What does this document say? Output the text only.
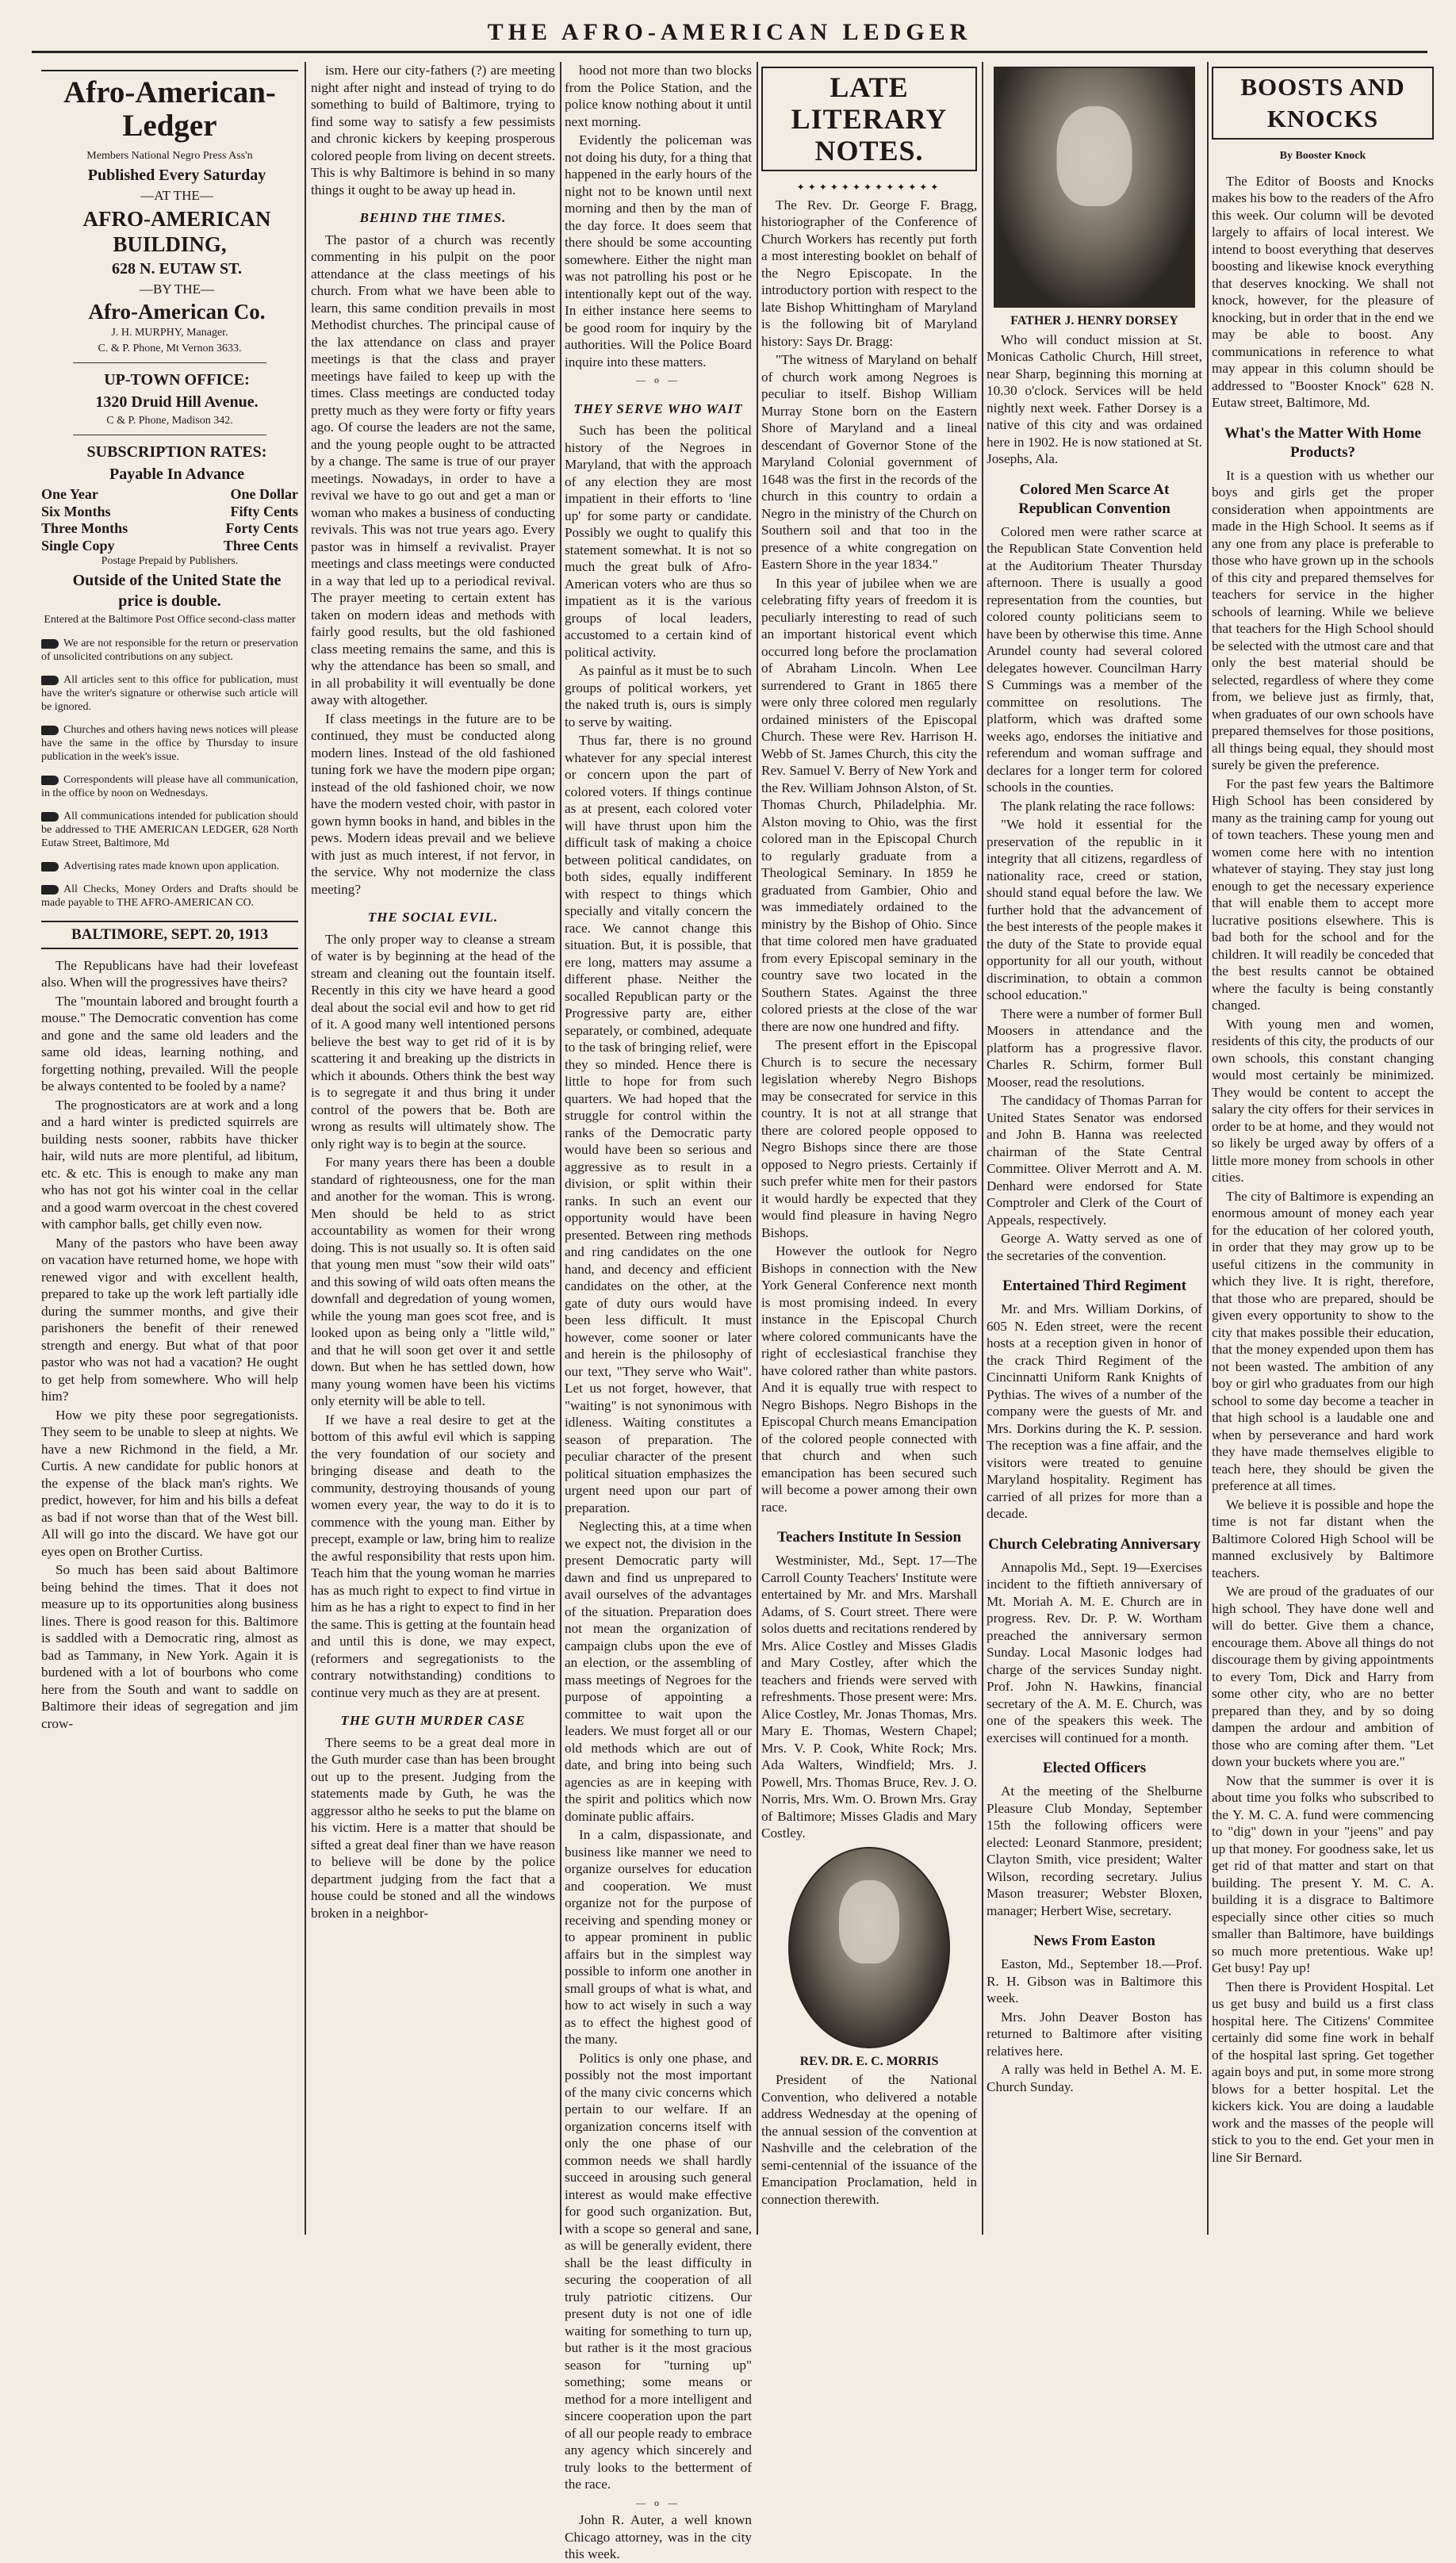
THE AFRO-AMERICAN LEDGER
Afro-American-Ledger

Members National Negro Press Ass'n

Published Every Saturday

—AT THE—

AFRO-AMERICAN BUILDING,

628 N. EUTAW ST.

—BY THE—

Afro-American Co.

J. H. MURPHY, Manager.

C. & P. Phone, Mt Vernon 3633.

UP-TOWN OFFICE:

1320 Druid Hill Avenue.

C & P. Phone, Madison 342.

SUBSCRIPTION RATES:

Payable In Advance

One Year	One Dollar
Six Months	Fifty Cents
Three Months	Forty Cents
Single Copy	Three Cents

Postage Prepaid by Publishers.

Outside of the United State the price is double.

Entered at the Baltimore Post Office second-class matter

We are not responsible for the return or preservation of unsolicited contributions on any subject.

All articles sent to this office for publication, must have the writer's signature or otherwise such article will be ignored.

Churches and others having news notices will please have the same in the office by Thursday to insure publication in the week's issue.

Correspondents will please have all communication, in the office by noon on Wednesdays.

All communications intended for publication should be addressed to THE AMERICAN LEDGER, 628 North Eutaw Street, Baltimore, Md

Advertising rates made known upon application.

All Checks, Money Orders and Drafts should be made payable to THE AFRO-AMERICAN CO.

BALTIMORE, SEPT. 20, 1913

The Republicans have had their lovefeast also. When will the progressives have theirs?

The "mountain labored and brought fourth a mouse." The Democratic convention has come and gone and the same old leaders and the same old ideas, learning nothing, and forgetting nothing, prevailed. Will the people be always contented to be fooled by a name?

The prognosticators are at work and a long and a hard winter is predicted squirrels are building nests sooner, rabbits have thicker hair, wild nuts are more plentiful, ad libitum, etc. & etc. This is enough to make any man who has not got his winter coal in the cellar and a good warm overcoat in the chest covered with camphor balls, get chilly even now.

Many of the pastors who have been away on vacation have returned home, we hope with renewed vigor and with excellent health, prepared to take up the work left partially idle during the summer months, and give their parishoners the benefit of their renewed strength and energy. But what of that poor pastor who was not had a vacation? He ought to get help from somewhere. Who will help him?

How we pity these poor segregationists. They seem to be unable to sleep at nights. We have a new Richmond in the field, a Mr. Curtis. A new candidate for public honors at the expense of the black man's rights. We predict, however, for him and his bills a defeat as bad if not worse than that of the West bill. All will go into the discard. We have got our eyes open on Brother Curtiss.

So much has been said about Baltimore being behind the times. That it does not measure up to its opportunities along business lines. There is good reason for this. Baltimore is saddled with a Democratic ring, almost as bad as Tammany, in New York. Again it is burdened with a lot of bourbons who come here from the South and want to saddle on Baltimore their ideas of segregation and jim crow-

ism. Here our city-fathers (?) are meeting night after night and instead of trying to do something to build of Baltimore, trying to find some way to satisfy a few pessimists and chronic kickers by keeping prosperous colored people from living on decent streets. This is why Baltimore is behind in so many things it ought to be away up head in.

BEHIND THE TIMES.

The pastor of a church was recently commenting in his pulpit on the poor attendance at the class meetings of his church. From what we have been able to learn, this same condition prevails in most Methodist churches. The principal cause of the lax attendance on class and prayer meetings is that the class and prayer meetings have failed to keep up with the times. Class meetings are conducted today pretty much as they were forty or fifty years ago. Of course the leaders are not the same, and the young people ought to be attracted by a change. The same is true of our prayer meetings. Nowadays, in order to have a revival we have to go out and get a man or woman who makes a business of conducting revivals. This was not true years ago. Every pastor was in himself a revivalist. Prayer meetings and class meetings were conducted in a way that led up to a periodical revival. The prayer meeting to certain extent has taken on modern ideas and methods with fairly good results, but the old fashioned class meeting remains the same, and this is why the attendance has been so small, and in all probability it will eventually be done away with altogether.

If class meetings in the future are to be continued, they must be conducted along modern lines. Instead of the old fashioned tuning fork we have the modern pipe organ; instead of the old fashioned choir, we now have the modern vested choir, with pastor in gown hymn books in hand, and bibles in the pews. Modern ideas prevail and we believe with just as much interest, if not fervor, in the service. Why not modernize the class meeting?

THE SOCIAL EVIL.

The only proper way to cleanse a stream of water is by beginning at the head of the stream and cleaning out the fountain itself. Recently in this city we have heard a good deal about the social evil and how to get rid of it. A good many well intentioned persons believe the best way to get rid of it is by scattering it and breaking up the districts in which it abounds. Others think the best way is to segregate it and thus bring it under control of the powers that be. Both are wrong as results will ultimately show. The only right way is to begin at the source.

For many years there has been a double standard of righteousness, one for the man and another for the woman. This is wrong. Men should be held to as strict accountability as women for their wrong doing. This is not usually so. It is often said that young men must "sow their wild oats" and this sowing of wild oats often means the downfall and degredation of young women, while the young man goes scot free, and is looked upon as being only a "little wild," and that he will soon get over it and settle down. But when he has settled down, how many young women have been his victims only eternity will be able to tell.

If we have a real desire to get at the bottom of this awful evil which is sapping the very foundation of our society and bringing disease and death to the community, destroying thousands of young women every year, the way to do it is to commence with the young man. Either by precept, example or law, bring him to realize the awful responsibility that rests upon him. Teach him that the young woman he marries has as much right to expect to find virtue in him as he has a right to expect to find in her the same. This is getting at the fountain head and until this is done, we may expect, (reformers and segregationists to the contrary notwithstanding) conditions to continue very much as they are at present.

THE GUTH MURDER CASE

There seems to be a great deal more in the Guth murder case than has been brought out up to the present. Judging from the statements made by Guth, he was the aggressor altho he seeks to put the blame on his victim. Here is a matter that should be sifted a great deal finer than we have reason to believe will be done by the police department judging from the fact that a house could be stoned and all the windows broken in a neighbor-

hood not more than two blocks from the Police Station, and the police know nothing about it until next morning.

Evidently the policeman was not doing his duty, for a thing that happened in the early hours of the night not to be known until next morning and then by the man of the day force. It does seem that there should be some accounting somewhere. Either the night man was not patrolling his post or he intentionally kept out of the way. In either instance here seems to be good room for inquiry by the authorities. Will the Police Board inquire into these matters.

— o —
THEY SERVE WHO WAIT

Such has been the political history of the Negroes in Maryland, that with the approach of any election they are most impatient in their efforts to 'line up' for some party or candidate. Possibly we ought to qualify this statement somewhat. It is not so much the great bulk of Afro-American voters who are thus so impatient as it is the various groups of local leaders, accustomed to a certain kind of political activity.

As painful as it must be to such groups of political workers, yet the naked truth is, ours is simply to serve by waiting.

Thus far, there is no ground whatever for any special interest or concern upon the part of colored voters. If things continue as at present, each colored voter will have thrust upon him the difficult task of making a choice between political candidates, on both sides, equally indifferent with respect to things which specially and vitally concern the race. We cannot change this situation. But, it is possible, that ere long, matters may assume a different phase. Neither the socalled Republican party or the Progressive party are, either separately, or combined, adequate to the task of bringing relief, were they so minded. Hence there is little to hope for from such quarters. We had hoped that the struggle for control within the ranks of the Democratic party would have been so serious and aggressive as to result in a division, or split within their ranks. In such an event our opportunity would have been presented. Between ring methods and ring candidates on the one hand, and decency and efficient candidates on the other, at the gate of duty ours would have been less difficult. It must however, come sooner or later and herein is the philosophy of our text, "They serve who Wait". Let us not forget, however, that "waiting" is not synonimous with idleness. Waiting constitutes a season of preparation. The peculiar character of the present political situation emphasizes the urgent need upon our part of preparation.

Neglecting this, at a time when we expect not, the division in the present Democratic party will dawn and find us unprepared to avail ourselves of the advantages of the situation. Preparation does not mean the organization of campaign clubs upon the eve of an election, or the assembling of mass meetings of Negroes for the purpose of appointing a committee to wait upon the leaders. We must forget all or our old methods which are out of date, and bring into being such agencies as are in keeping with the spirit and politics which now dominate public affairs.

In a calm, dispassionate, and business like manner we need to organize ourselves for education and cooperation. We must organize not for the purpose of receiving and spending money or to appear prominent in public affairs but in the simplest way possible to inform one another in small groups of what is what, and how to act wisely in such a way as to effect the highest good of the many.

Politics is only one phase, and possibly not the most important of the many civic concerns which pertain to our welfare. If an organization concerns itself with only the one phase of our common needs we shall hardly succeed in arousing such general interest as would make effective for good such organization. But, with a scope so general and sane, as will be generally evident, there shall be the least difficulty in securing the cooperation of all truly patriotic citizens. Our present duty is not one of idle waiting for something to turn up, but rather is it the most gracious season for "turning up" something; some means or method for a more intelligent and sincere cooperation upon the part of all our people ready to embrace any agency which sincerely and truly looks to the betterment of the race.

— o —

John R. Auter, a well known Chicago attorney, was in the city this week.

LATE LITERARY NOTES.
✦✦✦✦✦✦✦✦✦✦✦✦✦

The Rev. Dr. George F. Bragg, historiographer of the Conference of Church Workers has recently put forth a most interesting booklet on behalf of the Negro Episcopate. In the introductory portion with respect to the late Bishop Whittingham of Maryland is the following bit of Maryland history: Says Dr. Bragg:

"The witness of Maryland on behalf of church work among Negroes is peculiar to itself. Bishop William Murray Stone born on the Eastern Shore of Maryland and a lineal descendant of Governor Stone of the Maryland Colonial government of 1648 was the first in the records of the church in this country to ordain a Negro in the ministry of the Church on Southern soil and that too in the presence of a white congregation on Eastern Shore in the year 1834."

In this year of jubilee when we are celebrating fifty years of freedom it is peculiarly interesting to read of such an important historical event which occurred long before the proclamation of Abraham Lincoln. When Lee surrendered to Grant in 1865 there were only three colored men regularly ordained ministers of the Episcopal Church. These were Rev. Harrison H. Webb of St. James Church, this city the Rev. Samuel V. Berry of New York and the Rev. William Johnson Alston, of St. Thomas Church, Philadelphia. Mr. Alston moving to Ohio, was the first colored man in the Episcopal Church to regularly graduate from a Theological Seminary. In 1859 he graduated from Gambier, Ohio and was immediately ordained to the ministry by the Bishop of Ohio. Since that time colored men have graduated from every Episcopal seminary in the country save two located in the Southern States. Against the three colored priests at the close of the war there are now one hundred and fifty.

The present effort in the Episcopal Church is to secure the necessary legislation whereby Negro Bishops may be consecrated for service in this country. It is not at all strange that there are colored people opposed to Negro Bishops since there are those opposed to Negro priests. Certainly if such prefer white men for their pastors it would hardly be expected that they would find pleasure in having Negro Bishops.

However the outlook for Negro Bishops in connection with the New York General Conference next month is most promising indeed. In every instance in the Episcopal Church where colored communicants have the right of ecclesiastical franchise they have colored rather than white pastors. And it is equally true with respect to Negro Bishops. Negro Bishops in the Episcopal Church means Emancipation of the colored people connected with that church and when such emancipation has been secured such will become a power among their own race.

Teachers Institute In Session

Westminister, Md., Sept. 17—The Carroll County Teachers' Institute were entertained by Mr. and Mrs. Marshall Adams, of S. Court street. There were solos duetts and recitations rendered by Mrs. Alice Costley and Misses Gladis and Mary Costley, after which the teachers and friends were served with refreshments. Those present were: Mrs. Alice Costley, Mr. Jonas Thomas, Mrs. Mary E. Thomas, Western Chapel; Mrs. V. P. Cook, White Rock; Mrs. Ada Walters, Windfield; Mrs. J. Powell, Mrs. Thomas Bruce, Rev. J. O. Norris, Mrs. Wm. O. Brown Mrs. Gray of Baltimore; Misses Gladis and Mary Costley.

REV. DR. E. C. MORRIS

President of the National Convention, who delivered a notable address Wednesday at the opening of the annual session of the convention at Nashville and the celebration of the semi-centennial of the issuance of the Emancipation Proclamation, held in connection therewith.

FATHER J. HENRY DORSEY

Who will conduct mission at St. Monicas Catholic Church, Hill street, near Sharp, beginning this morning at 10.30 o'clock. Services will be held nightly next week. Father Dorsey is a native of this city and was ordained here in 1902. He is now stationed at St. Josephs, Ala.

Colored Men Scarce At Republican Convention

Colored men were rather scarce at the Republican State Convention held at the Auditorium Theater Thursday afternoon. There is usually a good representation from the counties, but colored county politicians seem to have been by otherwise this time. Anne Arundel county had several colored delegates however. Councilman Harry S Cummings was a member of the committee on resolutions. The platform, which was drafted some weeks ago, endorses the initiative and referendum and woman suffrage and declares for a longer term for colored schools in the counties.

The plank relating the race follows:

"We hold it essential for the preservation of the republic in it integrity that all citizens, regardless of nationality race, creed or station, should stand equal before the law. We further hold that the advancement of the best interests of the people makes it the duty of the State to provide equal opportunity for all our youth, without discrimination, to obtain a common school education."

There were a number of former Bull Moosers in attendance and the platform has a progressive flavor. Charles R. Schirm, former Bull Mooser, read the resolutions.

The candidacy of Thomas Parran for United States Senator was endorsed and John B. Hanna was reelected chairman of the State Central Committee. Oliver Merrott and A. M. Denhard were endorsed for State Comptroler and Clerk of the Court of Appeals, respectively.

George A. Watty served as one of the secretaries of the convention.

Entertained Third Regiment

Mr. and Mrs. William Dorkins, of 605 N. Eden street, were the recent hosts at a reception given in honor of the crack Third Regiment of the Cincinnatti Uniform Rank Knights of Pythias. The wives of a number of the company were the guests of Mr. and Mrs. Dorkins during the K. P. session. The reception was a fine affair, and the visitors were treated to genuine Maryland hospitality. Regiment has carried of all prizes for more than a decade.

Church Celebrating Anniversary

Annapolis Md., Sept. 19—Exercises incident to the fiftieth anniversary of Mt. Moriah A. M. E. Church are in progress. Rev. Dr. P. W. Wortham preached the anniversary sermon Sunday. Local Masonic lodges had charge of the services Sunday night. Prof. John N. Hawkins, financial secretary of the A. M. E. Church, was one of the speakers this week. The exercises will continued for a month.

Elected Officers

At the meeting of the Shelburne Pleasure Club Monday, September 15th the following officers were elected: Leonard Stanmore, president; Clayton Smith, vice president; Walter Wilson, recording secretary. Julius Mason treasurer; Webster Bloxen, manager; Herbert Wise, secretary.

News From Easton

Easton, Md., September 18.—Prof. R. H. Gibson was in Baltimore this week.

Mrs. John Deaver Boston has returned to Baltimore after visiting relatives here.

A rally was held in Bethel A. M. E. Church Sunday.

BOOSTS AND KNOCKS
By Booster Knock

The Editor of Boosts and Knocks makes his bow to the readers of the Afro this week. Our column will be devoted largely to affairs of local interest. We intend to boost everything that deserves boosting and likewise knock everything that deserves knocking. We shall not knock, however, for the pleasure of knocking, but in order that in the end we may be able to boost. Any communications in reference to what may appear in this column should be addressed to "Booster Knock" 628 N. Eutaw street, Baltimore, Md.

What's the Matter With Home Products?

It is a question with us whether our boys and girls get the proper consideration when appointments are made in the High School. It seems as if any one from any place is preferable to those who have grown up in the schools of this city and prepared themselves for teachers for service in the higher schools of learning. While we believe that teachers for the High School should be selected with the utmost care and that only the best material should be selected, regardless of where they come from, we believe just as firmly, that, when graduates of our own schools have prepared themselves for those positions, all things being equal, they should most surely be given the preference.

For the past few years the Baltimore High School has been considered by many as the training camp for young out of town teachers. These young men and women come here with no intention whatever of staying. They stay just long enough to get the necessary experience that will enable them to accept more lucrative positions elsewhere. This is bad both for the school and for the children. It will readily be conceded that the best results cannot be obtained where the faculty is being constantly changed.

With young men and women, residents of this city, the products of our own schools, this constant changing would most certainly be minimized. They would be content to accept the salary the city offers for their services in order to be at home, and they would not so likely be urged away by offers of a little more money from schools in other cities.

The city of Baltimore is expending an enormous amount of money each year for the education of her colored youth, in order that they may grow up to be useful citizens in the community in which they live. It is right, therefore, that those who are prepared, should be given every opportunity to show to the city that makes possible their education, that the money expended upon them has not been wasted. The ambition of any boy or girl who graduates from our high school to some day become a teacher in that high school is a laudable one and when by perseverance and hard work they have made themselves eligible to teach here, they should be given the preference at all times.

We believe it is possible and hope the time is not far distant when the Baltimore Colored High School will be manned exclusively by Baltimore teachers.

We are proud of the graduates of our high school. They have done well and will do better. Give them a chance, encourage them. Above all things do not discourage them by giving appointments to every Tom, Dick and Harry from some other city, who are no better prepared than they, and by so doing dampen the ardour and ambition of those who are coming after them. "Let down your buckets where you are."

Now that the summer is over it is about time you folks who subscribed to the Y. M. C. A. fund were commencing to "dig" down in your "jeens" and pay up that money. For goodness sake, let us get rid of that matter and start on that building. The present Y. M. C. A. building it is a disgrace to Baltimore especially since other cities so much smaller than Baltimore, have buildings so much more pretentious. Wake up! Get busy! Pay up!

Then there is Provident Hospital. Let us get busy and build us a first class hospital here. The Citizens' Commitee certainly did some fine work in behalf of the hospital last spring. Get together again boys and put, in some more strong blows for a better hospital. Let the kickers kick. You are doing a laudable work and the masses of the people will stick to you to the end. Get your men in line Sir Bernard.
